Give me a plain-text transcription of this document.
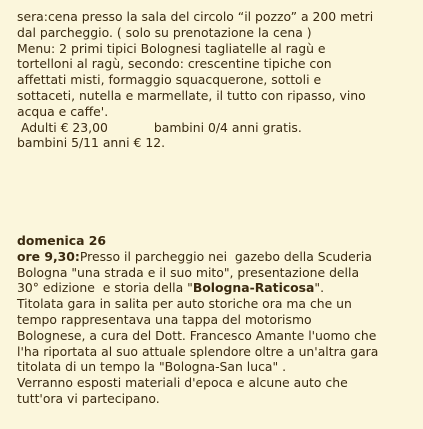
sera:cena presso la sala del circolo “il pozzo” a 200 metri
dal parcheggio. ( solo su prenotazione la cena )
Menu: 2 primi tipici Bolognesi tagliatelle al ragù e
tortelloni al ragù, secondo: crescentine tipiche con
affettati misti, formaggio squacquerone, sottoli e
sottaceti, nutella e marmellate, il tutto con ripasso, vino
acqua e caffe'.
Adulti € 23,00	bambini 0/4 anni gratis.
bambini 5/11 anni € 12.
domenica 26
ore 9,30:Presso il parcheggio nei  gazebo della Scuderia
Bologna "una strada e il suo mito", presentazione della
30° edizione  e storia della "Bologna-Raticosa".
Titolata gara in salita per auto storiche ora ma che un
tempo rappresentava una tappa del motorismo
Bolognese, a cura del Dott. Francesco Amante l'uomo che
l'ha riportata al suo attuale splendore oltre a un'altra gara
titolata di un tempo la "Bologna-San luca" .
Verranno esposti materiali d'epoca e alcune auto che
tutt'ora vi partecipano.
